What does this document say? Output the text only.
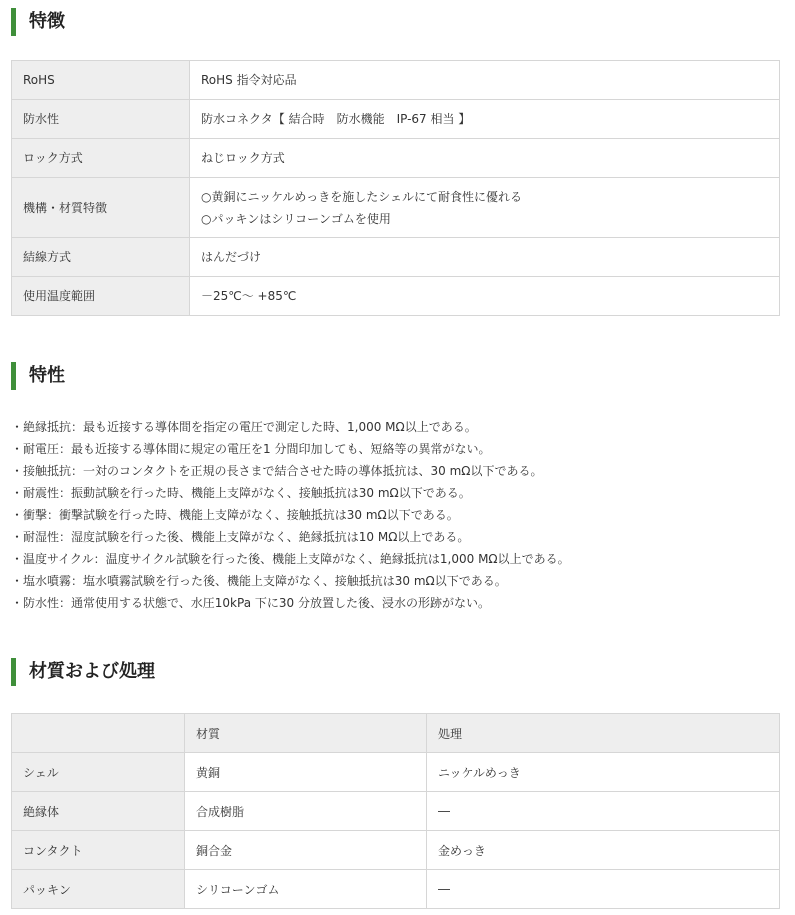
特徴
RoHS	RoHS 指令対応品

防水性	防水コネクタ【 結合時　防水機能　IP-67 相当 】

ロック方式	ねじロック方式

機構・材質特徴	○黄銅にニッケルめっきを施したシェルにて耐食性に優れる
○パッキンはシリコーンゴムを使用

結線方式	はんだづけ

使用温度範囲	－25℃～ +85℃
特性
・ 絶縁抵抗：最も近接する導体間を指定の電圧で測定した時、1,000 MΩ以上である。
・ 耐電圧：最も近接する導体間に規定の電圧を1 分間印加しても、短絡等の異常がない。
・ 接触抵抗：一対のコンタクトを正規の長さまで結合させた時の導体抵抗は、30 mΩ以下である。
・ 耐震性：振動試験を行った時、機能上支障がなく、接触抵抗は30 mΩ以下である。
・ 衝撃：衝撃試験を行った時、機能上支障がなく、接触抵抗は30 mΩ以下である。
・ 耐湿性：湿度試験を行った後、機能上支障がなく、絶縁抵抗は10 MΩ以上である。
・ 温度サイクル：温度サイクル試験を行った後、機能上支障がなく、絶縁抵抗は1,000 MΩ以上である。
・ 塩水噴霧：塩水噴霧試験を行った後、機能上支障がなく、接触抵抗は30 mΩ以下である。
・ 防水性：通常使用する状態で、水圧10kPa 下に30 分放置した後、浸水の形跡がない。
材質および処理
	材質	処理
シェル	黄銅	ニッケルめっき
絶縁体	合成樹脂	―
コンタクト	銅合金	金めっき
パッキン	シリコーンゴム	―
